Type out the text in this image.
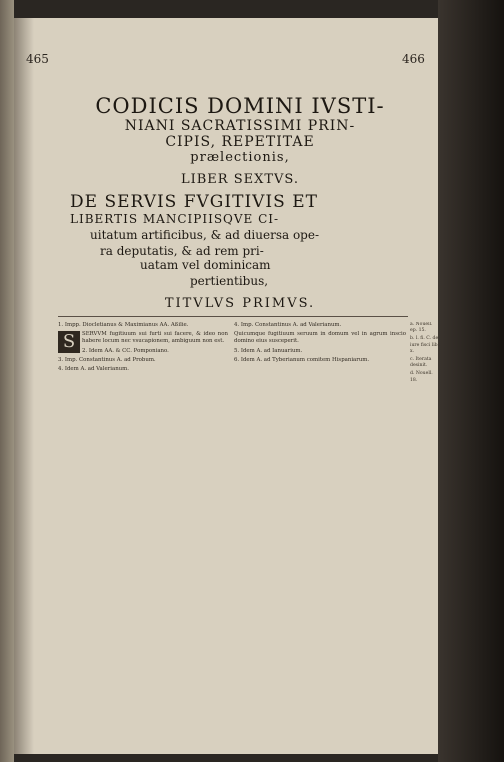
465	466
CODICIS DOMINI IVSTI-
NIANI SACRATISSIMI PRIN-
CIPIS, REPETITAE
prælectionis,
LIBER SEXTVS.
DE SERVIS FVGITIVIS ET
LIBERTIS MANCIPIISQVE CI-
uitatum artificibus, & ad diuersa ope-
ra deputatis, & ad rem pri-
uatam vel dominicam
pertientibus,
TITVLVS PRIMVS.

1. Impp. Diocletianus & Maximianus AA. Aßilie.

S	SERVVM fugitiuum sui furti sui facere, & ideo non habere locum nec vsucapionem, ambiguum non est.

2. Idem AA. & CC. Pomponiano.

3. Imp. Constantinus A. ad Probum.

4. Idem A. ad Valerianum.

4. Imp. Constantinus A. ad Valerianum.

Quicumque fugitiuum seruum in domum vel in agrum inscio domino eius susceperit.

5. Idem A. ad Ianuarium.

6. Idem A. ad Tyberianum comitem Hispaniarum.

a. Nouell. ep. 15.

b. l. fi. C. de iure fisci lib. x.

c. Iterata desinit.

d. Nouell. 18.
